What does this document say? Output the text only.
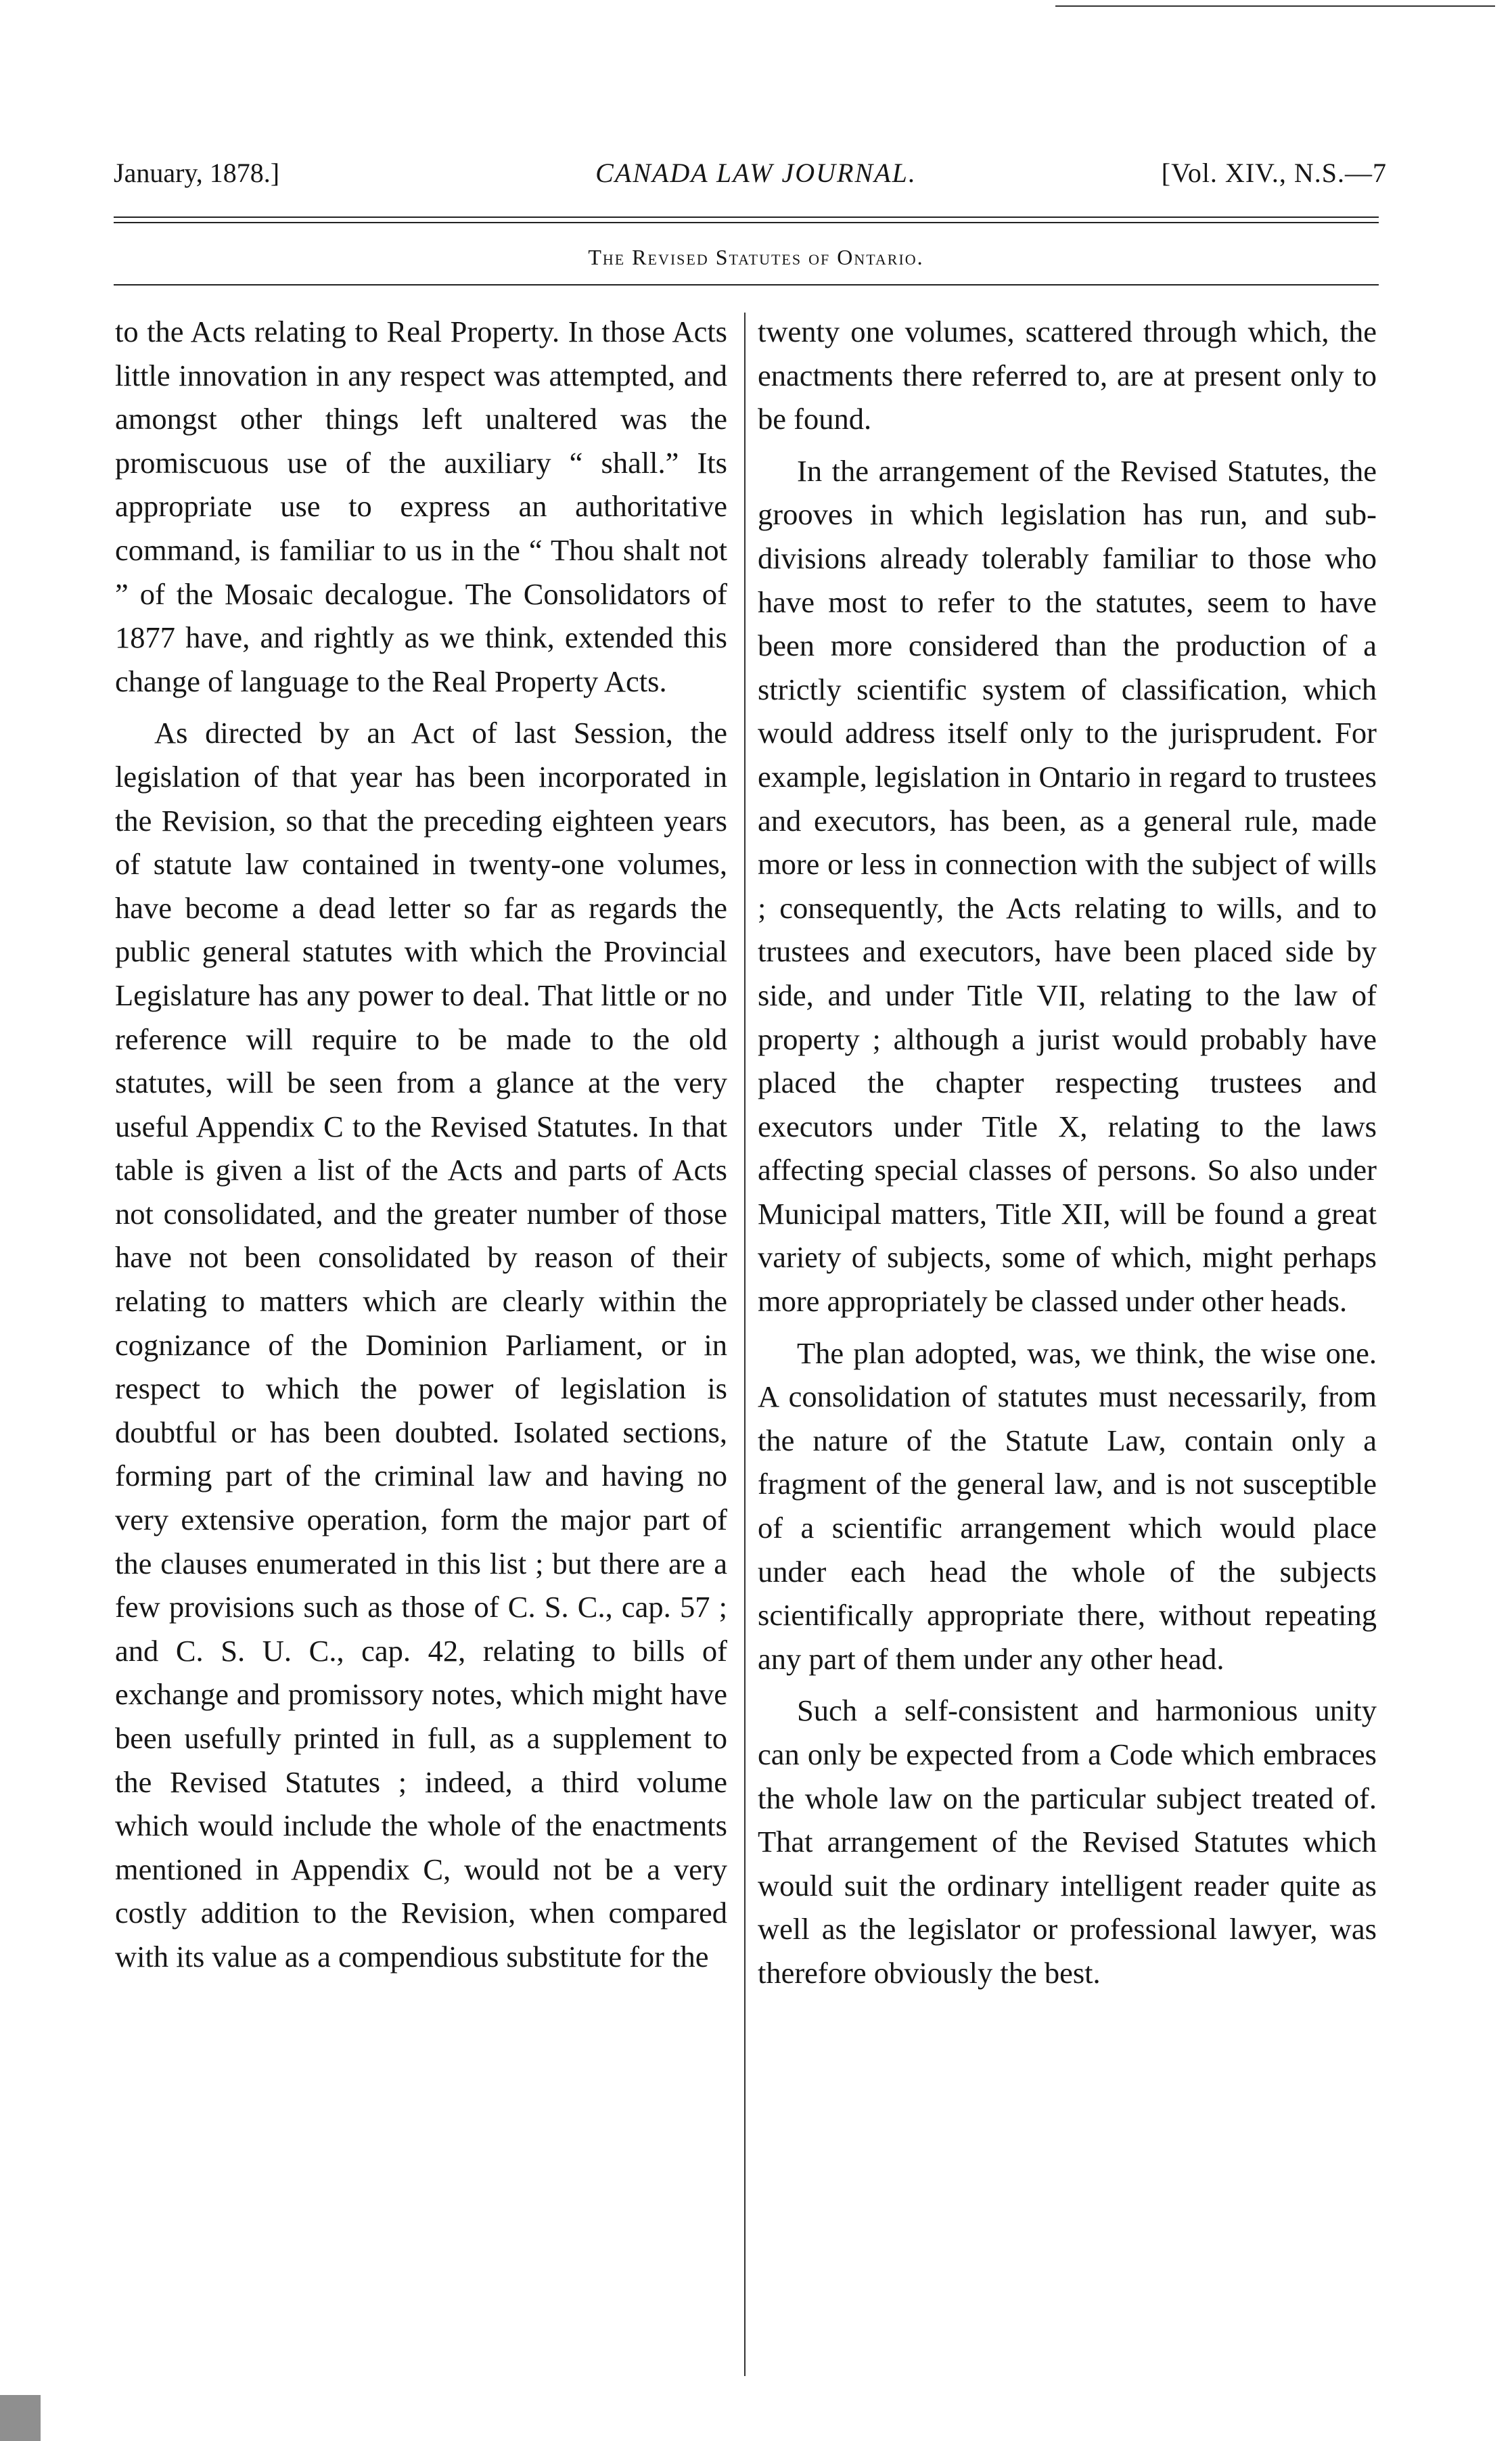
January, 1878.]	CANADA LAW JOURNAL.	[Vol. XIV., N.S.—7
The Revised Statutes of Ontario.

to the Acts relating to Real Property. In those Acts little innovation in any respect was attempted, and amongst other things left unaltered was the promiscuous use of the auxiliary “ shall.” Its appropriate use to express an authoritative command, is familiar to us in the “ Thou shalt not ” of the Mosaic decalogue. The Consolidators of 1877 have, and rightly as we think, extended this change of language to the Real Property Acts.

As directed by an Act of last Session, the legislation of that year has been incorporated in the Revision, so that the preceding eighteen years of statute law contained in twenty-one volumes, have become a dead letter so far as regards the public general statutes with which the Provincial Legislature has any power to deal. That little or no reference will require to be made to the old statutes, will be seen from a glance at the very useful Appendix C to the Revised Statutes. In that table is given a list of the Acts and parts of Acts not consolidated, and the greater number of those have not been consolidated by reason of their relating to matters which are clearly within the cognizance of the Dominion Parliament, or in respect to which the power of legislation is doubtful or has been doubted. Isolated sections, forming part of the criminal law and having no very extensive operation, form the major part of the clauses enumerated in this list ; but there are a few provisions such as those of C. S. C., cap. 57 ; and C. S. U. C., cap. 42, relating to bills of exchange and promissory notes, which might have been usefully printed in full, as a supplement to the Revised Statutes ; indeed, a third volume which would include the whole of the enactments mentioned in Appendix C, would not be a very costly addition to the Revision, when compared with its value as a compendious substitute for the

twenty one volumes, scattered through which, the enactments there referred to, are at present only to be found.

In the arrangement of the Revised Statutes, the grooves in which legislation has run, and sub-divisions already tolerably familiar to those who have most to refer to the statutes, seem to have been more considered than the production of a strictly scientific system of classification, which would address itself only to the jurisprudent. For example, legislation in Ontario in regard to trustees and executors, has been, as a general rule, made more or less in connection with the subject of wills ; consequently, the Acts relating to wills, and to trustees and executors, have been placed side by side, and under Title VII, relating to the law of property ; although a jurist would probably have placed the chapter respecting trustees and executors under Title X, relating to the laws affecting special classes of persons. So also under Municipal matters, Title XII, will be found a great variety of subjects, some of which, might perhaps more appropriately be classed under other heads.

The plan adopted, was, we think, the wise one. A consolidation of statutes must necessarily, from the nature of the Statute Law, contain only a fragment of the general law, and is not susceptible of a scientific arrangement which would place under each head the whole of the subjects scientifically appropriate there, without repeating any part of them under any other head.

Such a self-consistent and harmonious unity can only be expected from a Code which embraces the whole law on the particular subject treated of. That arrangement of the Revised Statutes which would suit the ordinary intelligent reader quite as well as the legislator or professional lawyer, was therefore obviously the best.
